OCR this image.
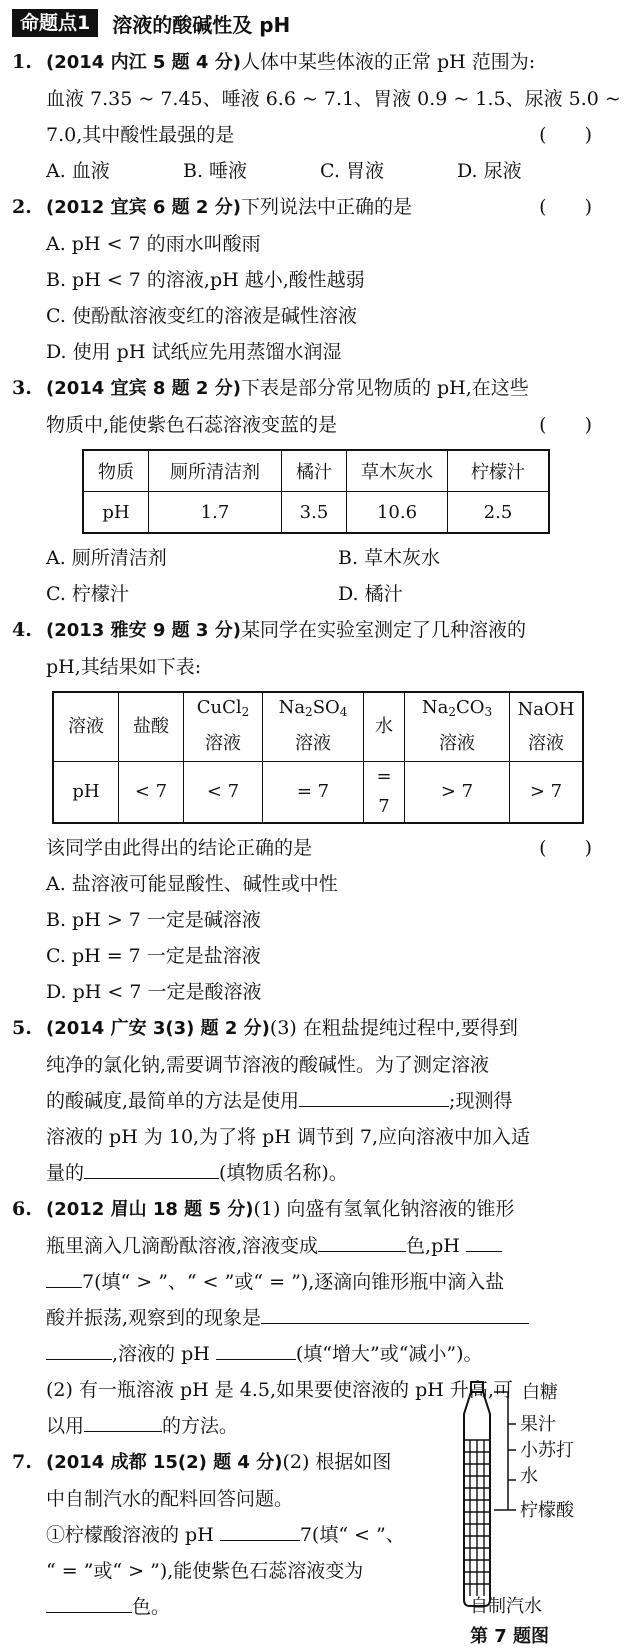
命题点1	溶液的酸碱性及 pH
1. (2014 内江 5 题 4 分)人体中某些体液的正常 pH 范围为:
血液 7.35 ~ 7.45、唾液 6.6 ~ 7.1、胃液 0.9 ~ 1.5、尿液 5.0 ~
7.0,其中酸性最强的是	(　　)
A. 血液	B. 唾液	C. 胃液	D. 尿液
2. (2012 宜宾 6 题 2 分)下列说法中正确的是	(　　)
A. pH < 7 的雨水叫酸雨
B. pH < 7 的溶液,pH 越小,酸性越弱
C. 使酚酞溶液变红的溶液是碱性溶液
D. 使用 pH 试纸应先用蒸馏水润湿
3. (2014 宜宾 8 题 2 分)下表是部分常见物质的 pH,在这些
物质中,能使紫色石蕊溶液变蓝的是	(　　)
物质	厕所清洁剂	橘汁	草木灰水	柠檬汁
pH	1.7	3.5	10.6	2.5
A. 厕所清洁剂	B. 草木灰水
C. 柠檬汁	D. 橘汁
4. (2013 雅安 9 题 3 分)某同学在实验室测定了几种溶液的
pH,其结果如下表:
溶液	盐酸	CuCl$_2$	$Na_2SO_4$	水	$Na_2CO_3$	NaOH
		溶液	溶液		溶液	溶液
pH	< 7	< 7	= 7	= 7	> 7	> 7
该同学由此得出的结论正确的是	(　　)
A. 盐溶液可能显酸性、碱性或中性
B. pH > 7 一定是碱溶液
C. pH = 7 一定是盐溶液
D. pH < 7 一定是酸溶液
5. (2014 广安 3(3) 题 2 分)(3) 在粗盐提纯过程中,要得到
纯净的氯化钠,需要调节溶液的酸碱性。为了测定溶液
的酸碱度,最简单的方法是使用	;现测得
溶液的 pH 为 10,为了将 pH 调节到 7,应向溶液中加入适
量的	(填物质名称)。
6. (2012 眉山 18 题 5 分)(1) 向盛有氢氧化钠溶液的锥形
瓶里滴入几滴酚酞溶液,溶液变成	色,pH
7(填“ > ”、“ < ”或“ = ”),逐滴向锥形瓶中滴入盐
酸并振荡,观察到的现象是
,溶液的 pH	(填“增大”或“减小”)。
(2) 有一瓶溶液 pH 是 4.5,如果要使溶液的 pH 升高,可
以用	的方法。
7. (2014 成都 15(2) 题 4 分)(2) 根据如图
中自制汽水的配料回答问题。
①柠檬酸溶液的 pH	7(填“ < ”、
“ = ”或“ > ”),能使紫色石蕊溶液变为
色。
白糖
果汁
小苏打
水
柠檬酸
自制汽水
第 7 题图
